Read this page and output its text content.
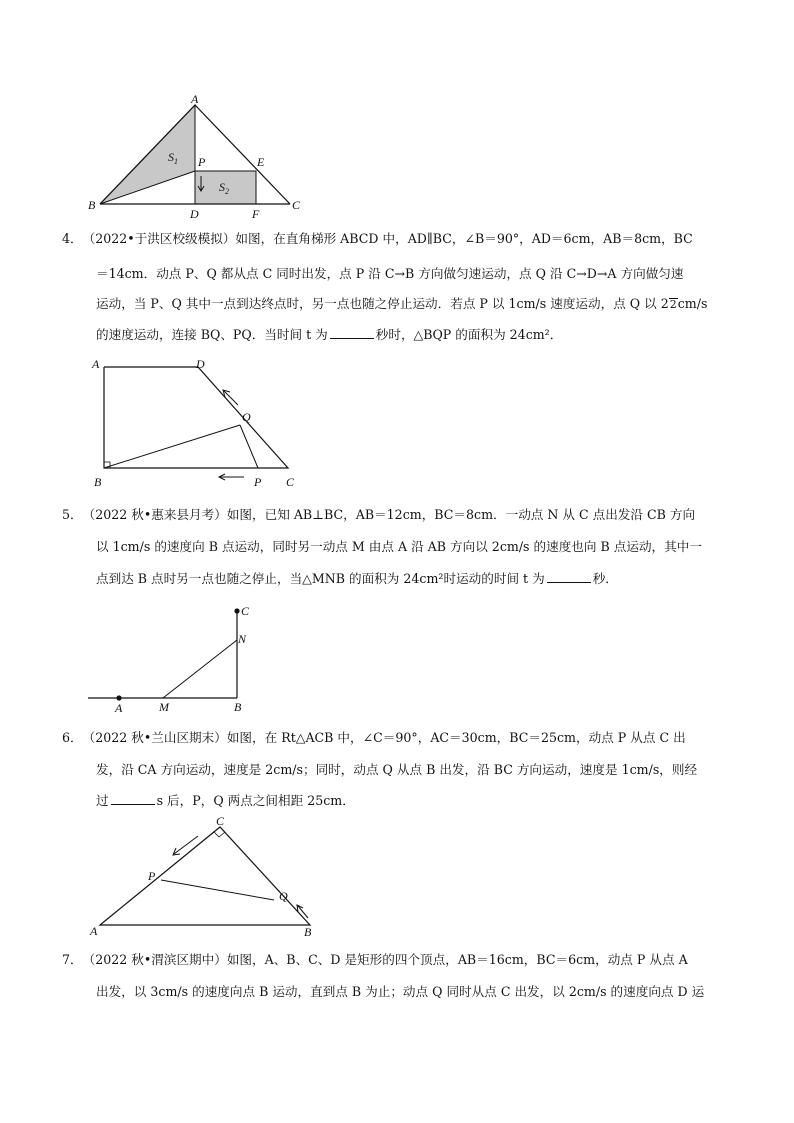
A
B	C
D
E
F
P
$S_1$
$S_2$
4．（2022•于洪区校级模拟）如图，在直角梯形 ABCD 中，AD∥BC，∠B＝90°，AD＝6cm，AB＝8cm，BC
＝14cm．动点 P、Q 都从点 C 同时出发，点 P 沿 C→B 方向做匀速运动，点 Q 沿 C→D→A 方向做匀速
运动，当 P、Q 其中一点到达终点时，另一点也随之停止运动．若点 P 以 1cm/s 速度运动，点 Q 以 22cm/s
的速度运动，连接 BQ、PQ．当时间 t 为	秒时，△BQP 的面积为 24cm²．
A	D
B	C
P
Q
5．（2022 秋•惠来县月考）如图，已知 AB⊥BC，AB＝12cm，BC＝8cm．一动点 N 从 C 点出发沿 CB 方向
以 1cm/s 的速度向 B 点运动，同时另一动点 M 由点 A 沿 AB 方向以 2cm/s 的速度也向 B 点运动，其中一
点到达 B 点时另一点也随之停止，当△MNB 的面积为 24cm²时运动的时间 t 为	秒．
A	M	B
C
N
6．（2022 秋•兰山区期末）如图，在 Rt△ACB 中，∠C＝90°，AC＝30cm，BC＝25cm，动点 P 从点 C 出
发，沿 CA 方向运动，速度是 2cm/s；同时，动点 Q 从点 B 出发，沿 BC 方向运动，速度是 1cm/s，则经
过	s 后，P，Q 两点之间相距 25cm．
A	B
C
P
Q
7．（2022 秋•渭滨区期中）如图，A、B、C、D 是矩形的四个顶点，AB＝16cm，BC＝6cm，动点 P 从点 A
出发，以 3cm/s 的速度向点 B 运动，直到点 B 为止；动点 Q 同时从点 C 出发，以 2cm/s 的速度向点 D 运
